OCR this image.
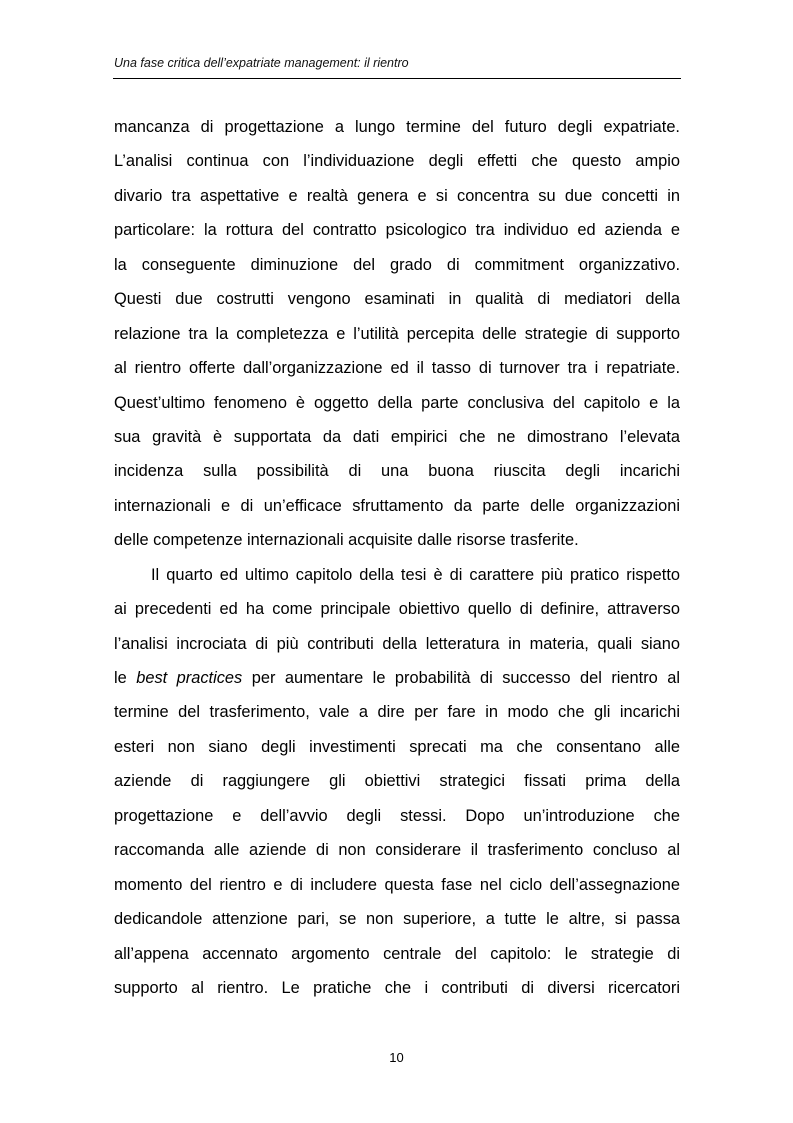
Una fase critica dell’expatriate management: il rientro
mancanza di progettazione a lungo termine del futuro degli expatriate.
L’analisi continua con l’individuazione degli effetti che questo ampio
divario tra aspettative e realtà genera e si concentra su due concetti in
particolare: la rottura del contratto psicologico tra individuo ed azienda e
la conseguente diminuzione del grado di commitment organizzativo.
Questi due costrutti vengono esaminati in qualità di mediatori della
relazione tra la completezza e l’utilità percepita delle strategie di supporto
al rientro offerte dall’organizzazione ed il tasso di turnover tra i repatriate.
Quest’ultimo fenomeno è oggetto della parte conclusiva del capitolo e la
sua gravità è supportata da dati empirici che ne dimostrano l’elevata
incidenza sulla possibilità di una buona riuscita degli incarichi
internazionali e di un’efficace sfruttamento da parte delle organizzazioni
delle competenze internazionali acquisite dalle risorse trasferite.
Il quarto ed ultimo capitolo della tesi è di carattere più pratico rispetto
ai precedenti ed ha come principale obiettivo quello di definire, attraverso
l’analisi incrociata di più contributi della letteratura in materia, quali siano
le best practices per aumentare le probabilità di successo del rientro al
termine del trasferimento, vale a dire per fare in modo che gli incarichi
esteri non siano degli investimenti sprecati ma che consentano alle
aziende di raggiungere gli obiettivi strategici fissati prima della
progettazione e dell’avvio degli stessi. Dopo un’introduzione che
raccomanda alle aziende di non considerare il trasferimento concluso al
momento del rientro e di includere questa fase nel ciclo dell’assegnazione
dedicandole attenzione pari, se non superiore, a tutte le altre, si passa
all’appena accennato argomento centrale del capitolo: le strategie di
supporto al rientro. Le pratiche che i contributi di diversi ricercatori
10
